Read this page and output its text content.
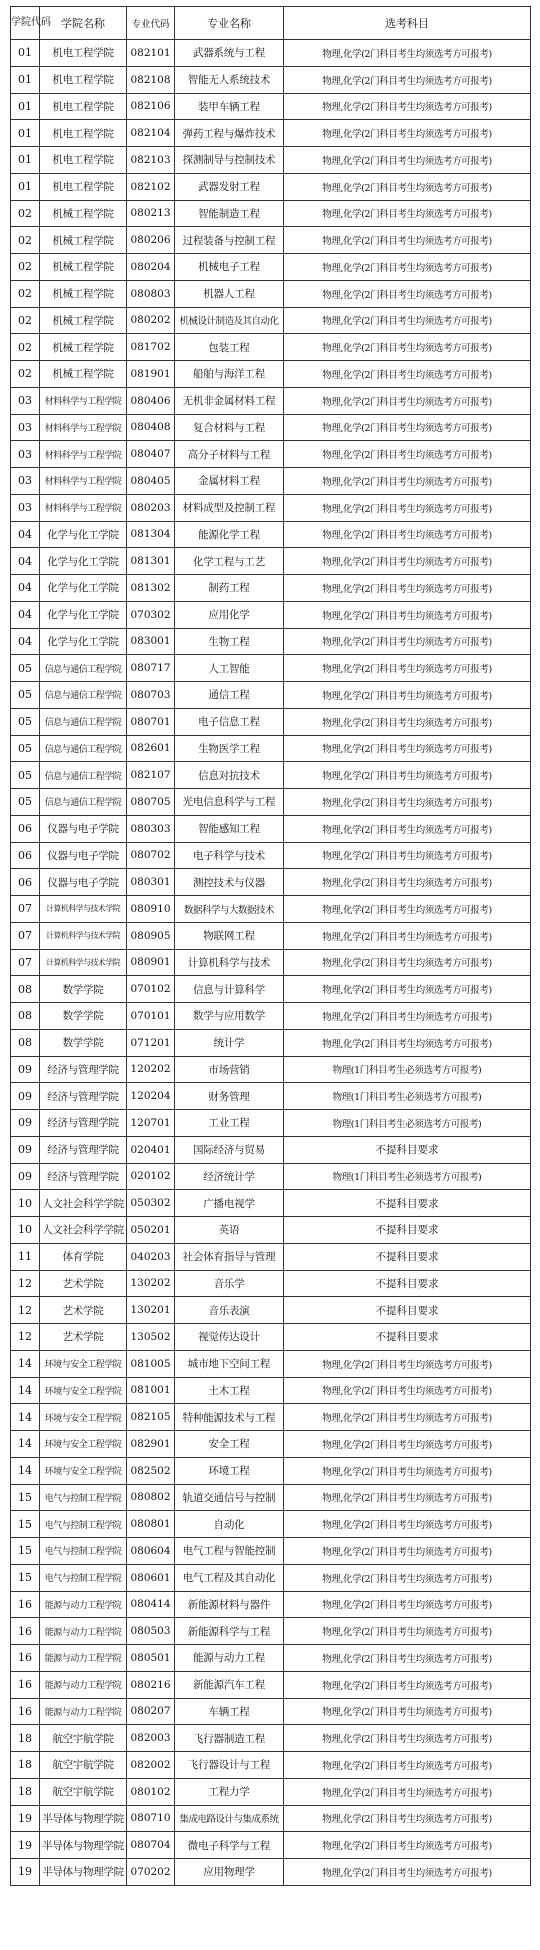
学院代码	学院名称	专业代码	专业名称	选考科目
01	机电工程学院	082101	武器系统与工程	物理,化学(2门科目考生均须选考方可报考)
01	机电工程学院	082108	智能无人系统技术	物理,化学(2门科目考生均须选考方可报考)
01	机电工程学院	082106	装甲车辆工程	物理,化学(2门科目考生均须选考方可报考)
01	机电工程学院	082104	弹药工程与爆炸技术	物理,化学(2门科目考生均须选考方可报考)
01	机电工程学院	082103	探测制导与控制技术	物理,化学(2门科目考生均须选考方可报考)
01	机电工程学院	082102	武器发射工程	物理,化学(2门科目考生均须选考方可报考)
02	机械工程学院	080213	智能制造工程	物理,化学(2门科目考生均须选考方可报考)
02	机械工程学院	080206	过程装备与控制工程	物理,化学(2门科目考生均须选考方可报考)
02	机械工程学院	080204	机械电子工程	物理,化学(2门科目考生均须选考方可报考)
02	机械工程学院	080803	机器人工程	物理,化学(2门科目考生均须选考方可报考)
02	机械工程学院	080202	机械设计制造及其自动化	物理,化学(2门科目考生均须选考方可报考)
02	机械工程学院	081702	包装工程	物理,化学(2门科目考生均须选考方可报考)
02	机械工程学院	081901	船舶与海洋工程	物理,化学(2门科目考生均须选考方可报考)
03	材料科学与工程学院	080406	无机非金属材料工程	物理,化学(2门科目考生均须选考方可报考)
03	材料科学与工程学院	080408	复合材料与工程	物理,化学(2门科目考生均须选考方可报考)
03	材料科学与工程学院	080407	高分子材料与工程	物理,化学(2门科目考生均须选考方可报考)
03	材料科学与工程学院	080405	金属材料工程	物理,化学(2门科目考生均须选考方可报考)
03	材料科学与工程学院	080203	材料成型及控制工程	物理,化学(2门科目考生均须选考方可报考)
04	化学与化工学院	081304	能源化学工程	物理,化学(2门科目考生均须选考方可报考)
04	化学与化工学院	081301	化学工程与工艺	物理,化学(2门科目考生均须选考方可报考)
04	化学与化工学院	081302	制药工程	物理,化学(2门科目考生均须选考方可报考)
04	化学与化工学院	070302	应用化学	物理,化学(2门科目考生均须选考方可报考)
04	化学与化工学院	083001	生物工程	物理,化学(2门科目考生均须选考方可报考)
05	信息与通信工程学院	080717	人工智能	物理,化学(2门科目考生均须选考方可报考)
05	信息与通信工程学院	080703	通信工程	物理,化学(2门科目考生均须选考方可报考)
05	信息与通信工程学院	080701	电子信息工程	物理,化学(2门科目考生均须选考方可报考)
05	信息与通信工程学院	082601	生物医学工程	物理,化学(2门科目考生均须选考方可报考)
05	信息与通信工程学院	082107	信息对抗技术	物理,化学(2门科目考生均须选考方可报考)
05	信息与通信工程学院	080705	光电信息科学与工程	物理,化学(2门科目考生均须选考方可报考)
06	仪器与电子学院	080303	智能感知工程	物理,化学(2门科目考生均须选考方可报考)
06	仪器与电子学院	080702	电子科学与技术	物理,化学(2门科目考生均须选考方可报考)
06	仪器与电子学院	080301	测控技术与仪器	物理,化学(2门科目考生均须选考方可报考)
07	计算机科学与技术学院	080910	数据科学与大数据技术	物理,化学(2门科目考生均须选考方可报考)
07	计算机科学与技术学院	080905	物联网工程	物理,化学(2门科目考生均须选考方可报考)
07	计算机科学与技术学院	080901	计算机科学与技术	物理,化学(2门科目考生均须选考方可报考)
08	数学学院	070102	信息与计算科学	物理,化学(2门科目考生均须选考方可报考)
08	数学学院	070101	数学与应用数学	物理,化学(2门科目考生均须选考方可报考)
08	数学学院	071201	统计学	物理,化学(2门科目考生均须选考方可报考)
09	经济与管理学院	120202	市场营销	物理(1门科目考生必须选考方可报考)
09	经济与管理学院	120204	财务管理	物理(1门科目考生必须选考方可报考)
09	经济与管理学院	120701	工业工程	物理(1门科目考生必须选考方可报考)
09	经济与管理学院	020401	国际经济与贸易	不提科目要求
09	经济与管理学院	020102	经济统计学	物理(1门科目考生必须选考方可报考)
10	人文社会科学学院	050302	广播电视学	不提科目要求
10	人文社会科学学院	050201	英语	不提科目要求
11	体育学院	040203	社会体育指导与管理	不提科目要求
12	艺术学院	130202	音乐学	不提科目要求
12	艺术学院	130201	音乐表演	不提科目要求
12	艺术学院	130502	视觉传达设计	不提科目要求
14	环境与安全工程学院	081005	城市地下空间工程	物理,化学(2门科目考生均须选考方可报考)
14	环境与安全工程学院	081001	土木工程	物理,化学(2门科目考生均须选考方可报考)
14	环境与安全工程学院	082105	特种能源技术与工程	物理,化学(2门科目考生均须选考方可报考)
14	环境与安全工程学院	082901	安全工程	物理,化学(2门科目考生均须选考方可报考)
14	环境与安全工程学院	082502	环境工程	物理,化学(2门科目考生均须选考方可报考)
15	电气与控制工程学院	080802	轨道交通信号与控制	物理,化学(2门科目考生均须选考方可报考)
15	电气与控制工程学院	080801	自动化	物理,化学(2门科目考生均须选考方可报考)
15	电气与控制工程学院	080604	电气工程与智能控制	物理,化学(2门科目考生均须选考方可报考)
15	电气与控制工程学院	080601	电气工程及其自动化	物理,化学(2门科目考生均须选考方可报考)
16	能源与动力工程学院	080414	新能源材料与器件	物理,化学(2门科目考生均须选考方可报考)
16	能源与动力工程学院	080503	新能源科学与工程	物理,化学(2门科目考生均须选考方可报考)
16	能源与动力工程学院	080501	能源与动力工程	物理,化学(2门科目考生均须选考方可报考)
16	能源与动力工程学院	080216	新能源汽车工程	物理,化学(2门科目考生均须选考方可报考)
16	能源与动力工程学院	080207	车辆工程	物理,化学(2门科目考生均须选考方可报考)
18	航空宇航学院	082003	飞行器制造工程	物理,化学(2门科目考生均须选考方可报考)
18	航空宇航学院	082002	飞行器设计与工程	物理,化学(2门科目考生均须选考方可报考)
18	航空宇航学院	080102	工程力学	物理,化学(2门科目考生均须选考方可报考)
19	半导体与物理学院	080710	集成电路设计与集成系统	物理,化学(2门科目考生均须选考方可报考)
19	半导体与物理学院	080704	微电子科学与工程	物理,化学(2门科目考生均须选考方可报考)
19	半导体与物理学院	070202	应用物理学	物理,化学(2门科目考生均须选考方可报考)
